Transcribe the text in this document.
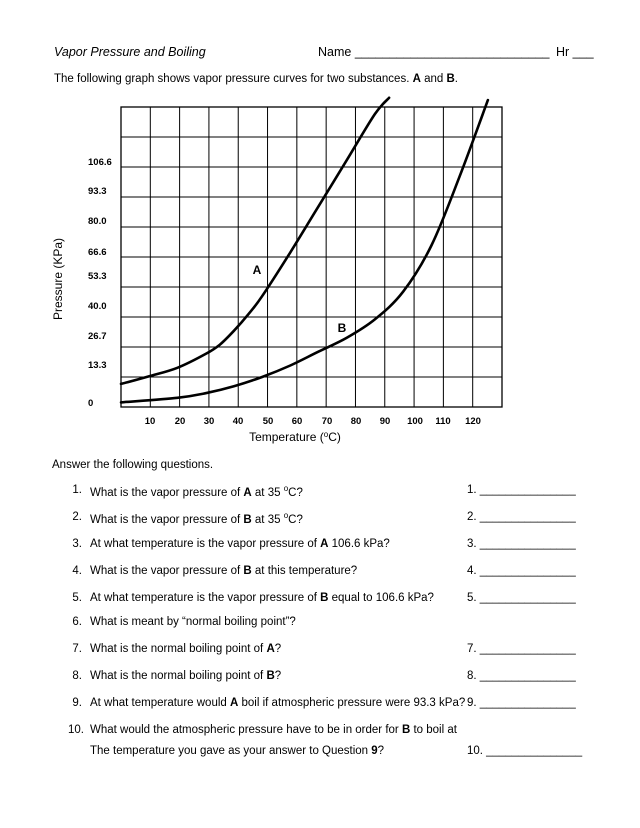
Vapor Pressure and Boiling	Name ____________________________ Hr ___
The following graph shows vapor pressure curves for two substances. A and B.
0
13.3
26.7
40.0
53.3
66.6
80.0
93.3
106.6
10 20 30 40 50 60 70 80 90 100 110 120
A
B
Temperature ($^o$C)
Pressure (KPa)
Answer the following questions.
1. What is the vapor pressure of A at 35 $^o$C?	1. _______________
2. What is the vapor pressure of B at 35 $^o$C?	2. _______________
3. At what temperature is the vapor pressure of A 106.6 kPa?	3. _______________
4. What is the vapor pressure of B at this temperature?	4. _______________
5. At what temperature is the vapor pressure of B equal to 106.6 kPa?	5. _______________
6. What is meant by “normal boiling point”?
7. What is the normal boiling point of A?	7. _______________
8. What is the normal boiling point of B?	8. _______________
9. At what temperature would A boil if atmospheric pressure were 93.3 kPa? 9. _______________
10. What would the atmospheric pressure have to be in order for B to boil at
The temperature you gave as your answer to Question 9?	10. _______________
